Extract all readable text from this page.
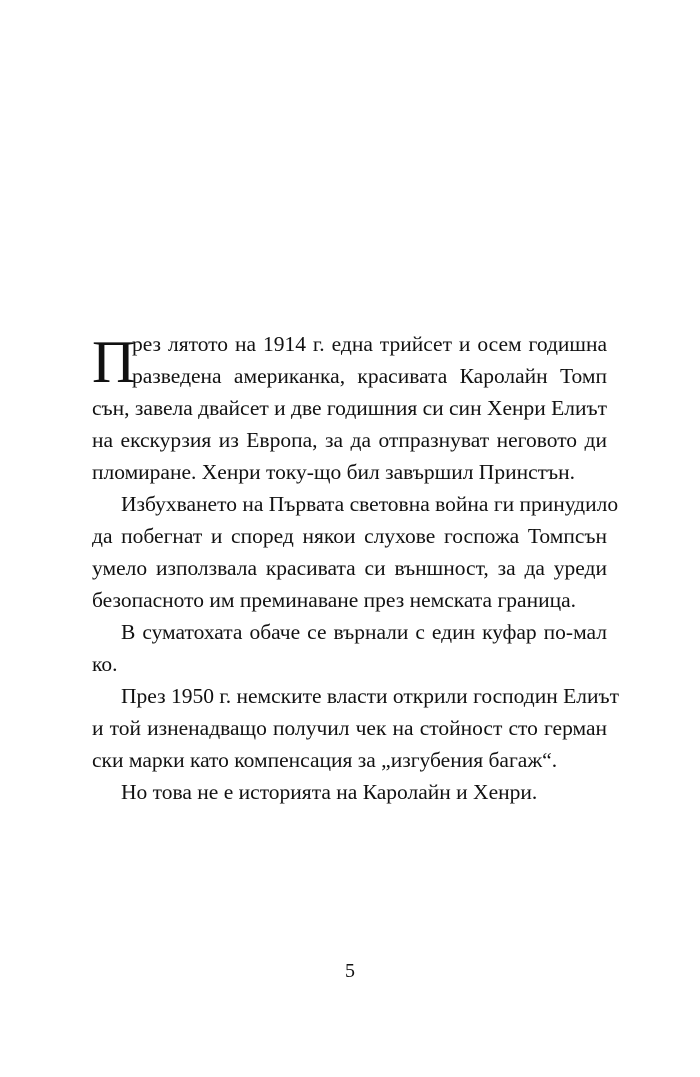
П
рез лятото на 1914 г. една трийсет и осем годишна
разведена американка, красивата Каролайн Томп
сън, завела двайсет и две годишния си син Хенри Елиът
на екскурзия из Европа, за да отпразнуват неговото ди
пломиране. Хенри току-що бил завършил Принстън.
Избухването на Първата световна война ги принудило
да побегнат и според някои слухове госпожа Томпсън
умело използвала красивата си външност, за да уреди
безопасното им преминаване през немската граница.
В суматохата обаче се върнали с един куфар по-мал
ко.
През 1950 г. немските власти открили господин Елиът
и той изненадващо получил чек на стойност сто герман
ски марки като компенсация за „изгубения багаж“.
Но това не е историята на Каролайн и Хенри.
5
